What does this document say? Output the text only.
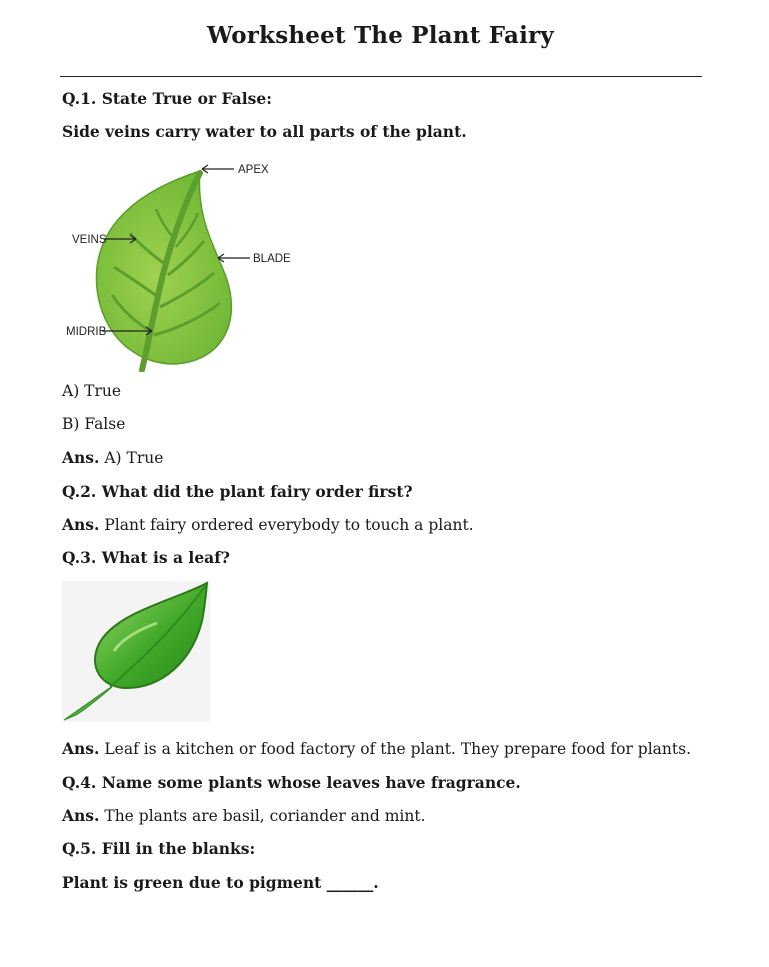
Worksheet The Plant Fairy
Q.1. State True or False:
Side veins carry water to all parts of the plant.
APEX
VEINS
BLADE
MIDRIB
A) True
B) False
Ans. A) True
Q.2. What did the plant fairy order first?
Ans. Plant fairy ordered everybody to touch a plant.
Q.3. What is a leaf?
Ans. Leaf is a kitchen or food factory of the plant. They prepare food for plants.
Q.4. Name some plants whose leaves have fragrance.
Ans. The plants are basil, coriander and mint.
Q.5. Fill in the blanks:
Plant is green due to pigment ______.
